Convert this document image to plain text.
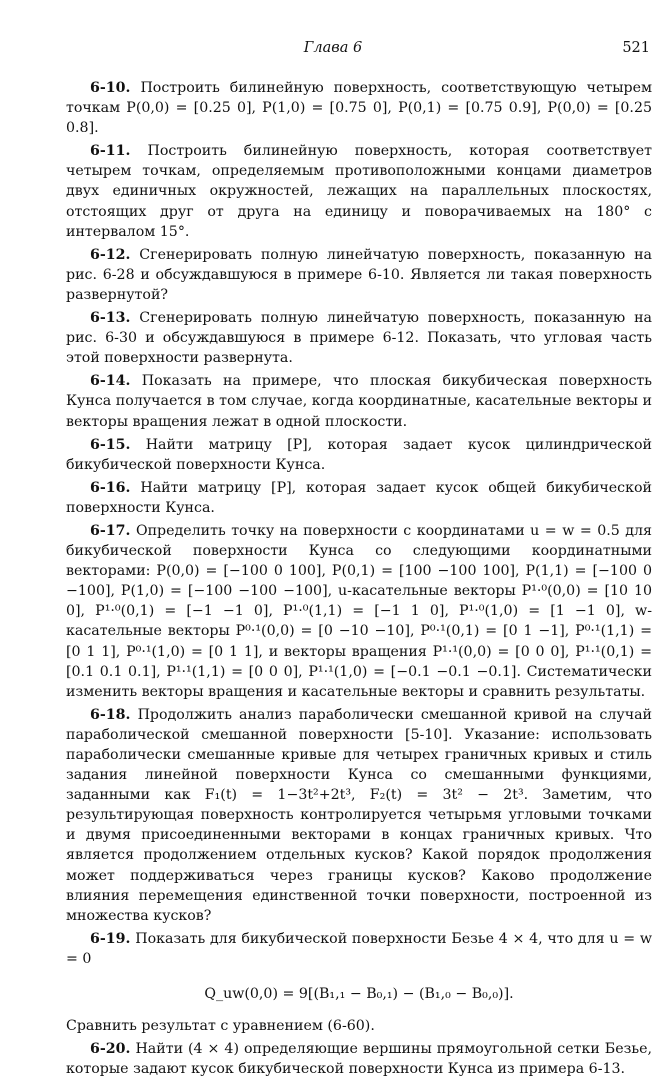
Глава 6	521

6-10. Построить билинейную поверхность, соответствующую четырем точкам P(0,0) = [0.25 0], P(1,0) = [0.75 0], P(0,1) = [0.75 0.9], P(0,0) = [0.25 0.8].

6-11. Построить билинейную поверхность, которая соответствует четырем точкам, определяемым противоположными концами диаметров двух единичных окружностей, лежащих на параллельных плоскостях, отстоящих друг от друга на единицу и поворачиваемых на 180° с интервалом 15°.

6-12. Сгенерировать полную линейчатую поверхность, показанную на рис. 6-28 и обсуждавшуюся в примере 6-10. Является ли такая поверхность развернутой?

6-13. Сгенерировать полную линейчатую поверхность, показанную на рис. 6-30 и обсуждавшуюся в примере 6-12. Показать, что угловая часть этой поверхности развернута.

6-14. Показать на примере, что плоская бикубическая поверхность Кунса получается в том случае, когда координатные, касательные векторы и векторы вращения лежат в одной плоскости.

6-15. Найти матрицу [P], которая задает кусок цилиндрической бикубической поверхности Кунса.

6-16. Найти матрицу [P], которая задает кусок общей бикубической поверхности Кунса.

6-17. Определить точку на поверхности с координатами u = w = 0.5 для бикубической поверхности Кунса со следующими координатными векторами: P(0,0) = [−100 0 100], P(0,1) = [100 −100 100], P(1,1) = [−100 0 −100], P(1,0) = [−100 −100 −100], u-касательные векторы P¹·⁰(0,0) = [10 10 0], P¹·⁰(0,1) = [−1 −1 0], P¹·⁰(1,1) = [−1 1 0], P¹·⁰(1,0) = [1 −1 0], w-касательные векторы P⁰·¹(0,0) = [0 −10 −10], P⁰·¹(0,1) = [0 1 −1], P⁰·¹(1,1) = [0 1 1], P⁰·¹(1,0) = [0 1 1], и векторы вращения P¹·¹(0,0) = [0 0 0], P¹·¹(0,1) = [0.1 0.1 0.1], P¹·¹(1,1) = [0 0 0], P¹·¹(1,0) = [−0.1 −0.1 −0.1]. Систематически изменить векторы вращения и касательные векторы и сравнить результаты.

6-18. Продолжить анализ параболически смешанной кривой на случай параболической смешанной поверхности [5-10]. Указание: использовать параболически смешанные кривые для четырех граничных кривых и стиль задания линейной поверхности Кунса со смешанными функциями, заданными как F₁(t) = 1−3t²+2t³, F₂(t) = 3t² − 2t³. Заметим, что результирующая поверхность контролируется четырьмя угловыми точками и двумя присоединенными векторами в концах граничных кривых. Что является продолжением отдельных кусков? Какой порядок продолжения может поддерживаться через границы кусков? Каково продолжение влияния перемещения единственной точки поверхности, построенной из множества кусков?

6-19. Показать для бикубической поверхности Безье 4 × 4, что для u = w = 0

Q_uw(0,0) = 9[(B₁,₁ − B₀,₁) − (B₁,₀ − B₀,₀)].

Сравнить результат с уравнением (6-60).

6-20. Найти (4 × 4) определяющие вершины прямоугольной сетки Безье, которые задают кусок бикубической поверхности Кунса из примера 6-13.
